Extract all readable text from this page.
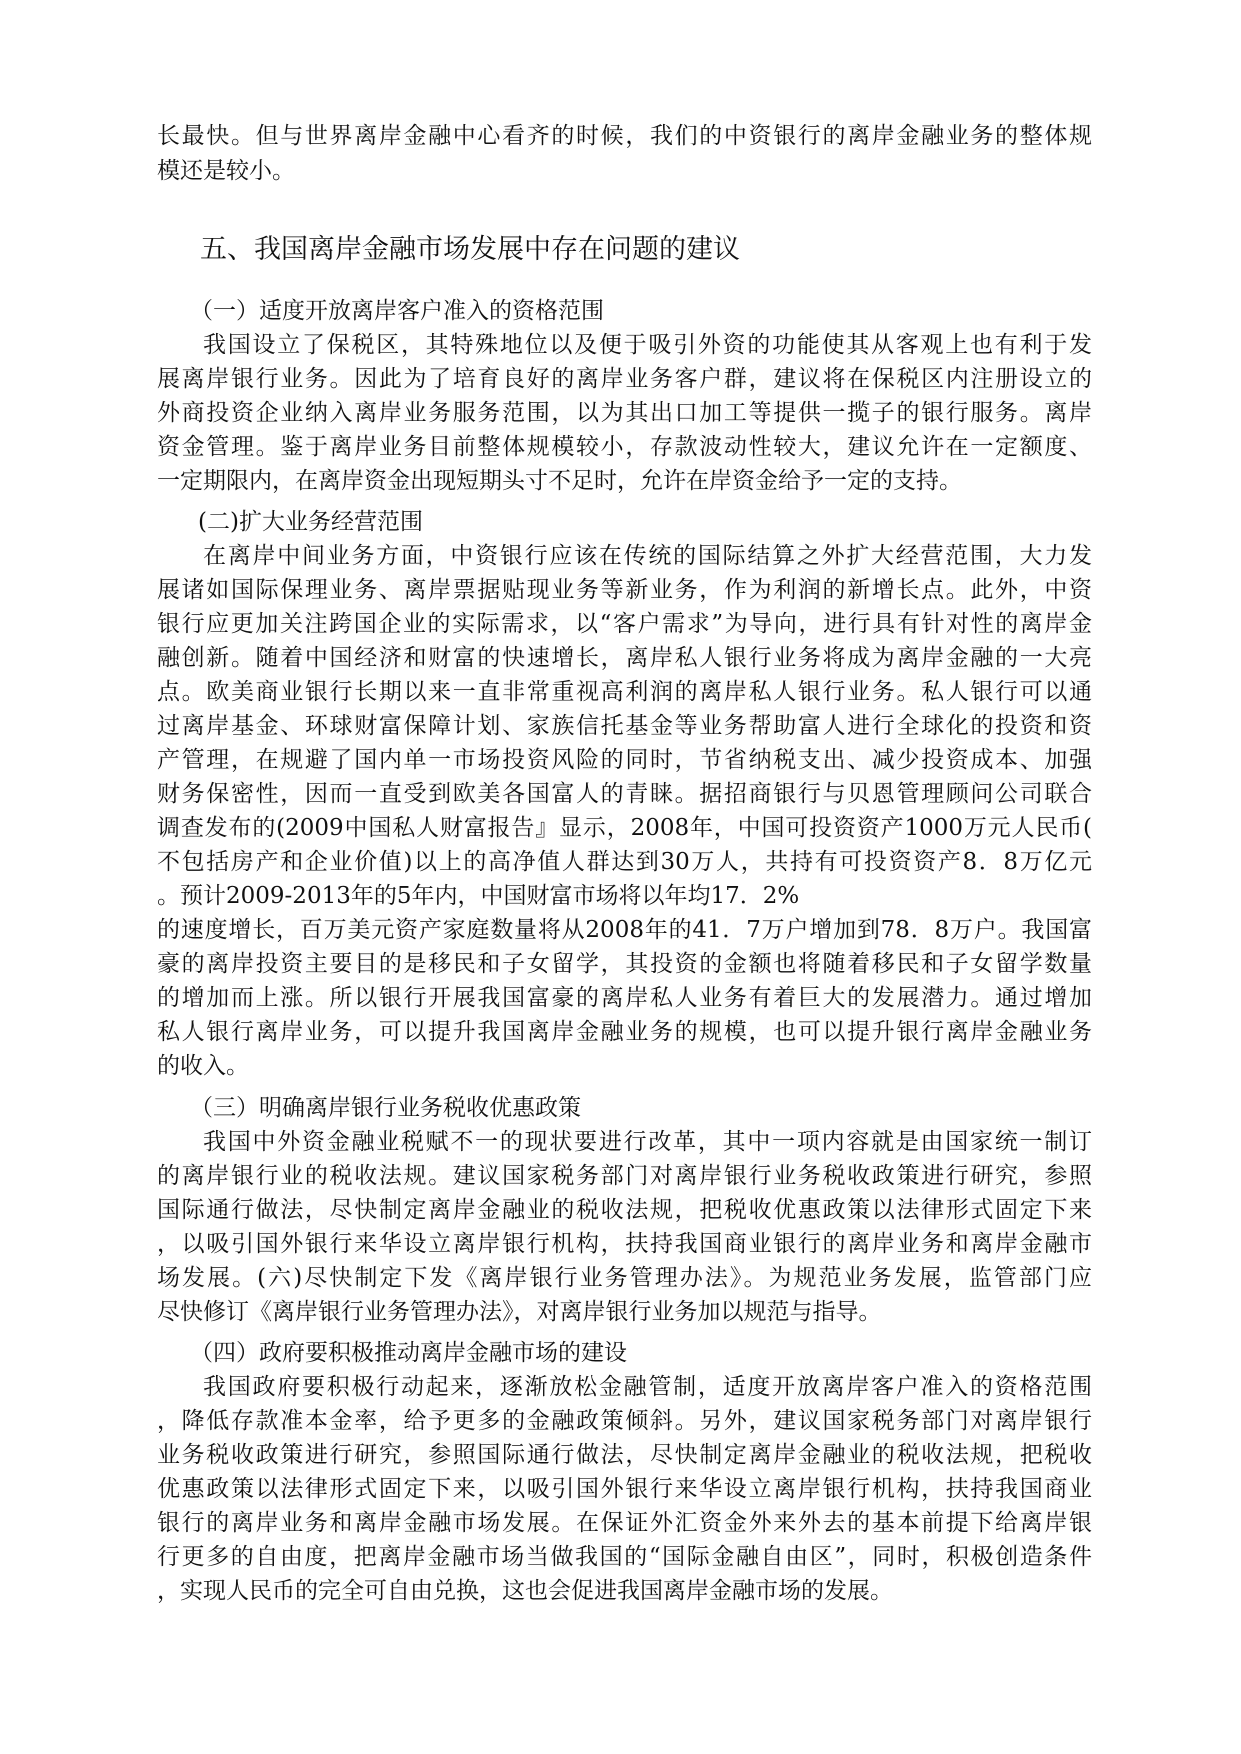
长最快。但与世界离岸金融中心看齐的时候，我们的中资银行的离岸金融业务的整体规
模还是较小。
五、我国离岸金融市场发展中存在问题的建议
（一）适度开放离岸客户准入的资格范围
我国设立了保税区，其特殊地位以及便于吸引外资的功能使其从客观上也有利于发
展离岸银行业务。因此为了培育良好的离岸业务客户群，建议将在保税区内注册设立的
外商投资企业纳入离岸业务服务范围，以为其出口加工等提供一揽子的银行服务。离岸
资金管理。鉴于离岸业务目前整体规模较小，存款波动性较大，建议允许在一定额度、
一定期限内，在离岸资金出现短期头寸不足时，允许在岸资金给予一定的支持。
(二)扩大业务经营范围
在离岸中间业务方面，中资银行应该在传统的国际结算之外扩大经营范围，大力发
展诸如国际保理业务、离岸票据贴现业务等新业务，作为利润的新增长点。此外，中资
银行应更加关注跨国企业的实际需求，以“客户需求”为导向，进行具有针对性的离岸金
融创新。随着中国经济和财富的快速增长，离岸私人银行业务将成为离岸金融的一大亮
点。欧美商业银行长期以来一直非常重视高利润的离岸私人银行业务。私人银行可以通
过离岸基金、环球财富保障计划、家族信托基金等业务帮助富人进行全球化的投资和资
产管理，在规避了国内单一市场投资风险的同时，节省纳税支出、减少投资成本、加强
财务保密性，因而一直受到欧美各国富人的青睐。据招商银行与贝恩管理顾问公司联合
调查发布的(2009中国私人财富报告』显示，2008年，中国可投资资产1000万元人民币(
不包括房产和企业价值)以上的高净值人群达到30万人，共持有可投资资产8．8万亿元
。预计2009-2013年的5年内，中国财富市场将以年均17．2%
的速度增长，百万美元资产家庭数量将从2008年的41．7万户增加到78．8万户。我国富
豪的离岸投资主要目的是移民和子女留学，其投资的金额也将随着移民和子女留学数量
的增加而上涨。所以银行开展我国富豪的离岸私人业务有着巨大的发展潜力。通过增加
私人银行离岸业务，可以提升我国离岸金融业务的规模，也可以提升银行离岸金融业务
的收入。
（三）明确离岸银行业务税收优惠政策
我国中外资金融业税赋不一的现状要进行改革，其中一项内容就是由国家统一制订
的离岸银行业的税收法规。建议国家税务部门对离岸银行业务税收政策进行研究，参照
国际通行做法，尽快制定离岸金融业的税收法规，把税收优惠政策以法律形式固定下来
，以吸引国外银行来华设立离岸银行机构，扶持我国商业银行的离岸业务和离岸金融市
场发展。(六)尽快制定下发《离岸银行业务管理办法》。为规范业务发展，监管部门应
尽快修订《离岸银行业务管理办法》，对离岸银行业务加以规范与指导。
（四）政府要积极推动离岸金融市场的建设
我国政府要积极行动起来，逐渐放松金融管制，适度开放离岸客户准入的资格范围
，降低存款准本金率，给予更多的金融政策倾斜。另外，建议国家税务部门对离岸银行
业务税收政策进行研究，参照国际通行做法，尽快制定离岸金融业的税收法规，把税收
优惠政策以法律形式固定下来，以吸引国外银行来华设立离岸银行机构，扶持我国商业
银行的离岸业务和离岸金融市场发展。在保证外汇资金外来外去的基本前提下给离岸银
行更多的自由度，把离岸金融市场当做我国的“国际金融自由区”，同时，积极创造条件
，实现人民币的完全可自由兑换，这也会促进我国离岸金融市场的发展。
